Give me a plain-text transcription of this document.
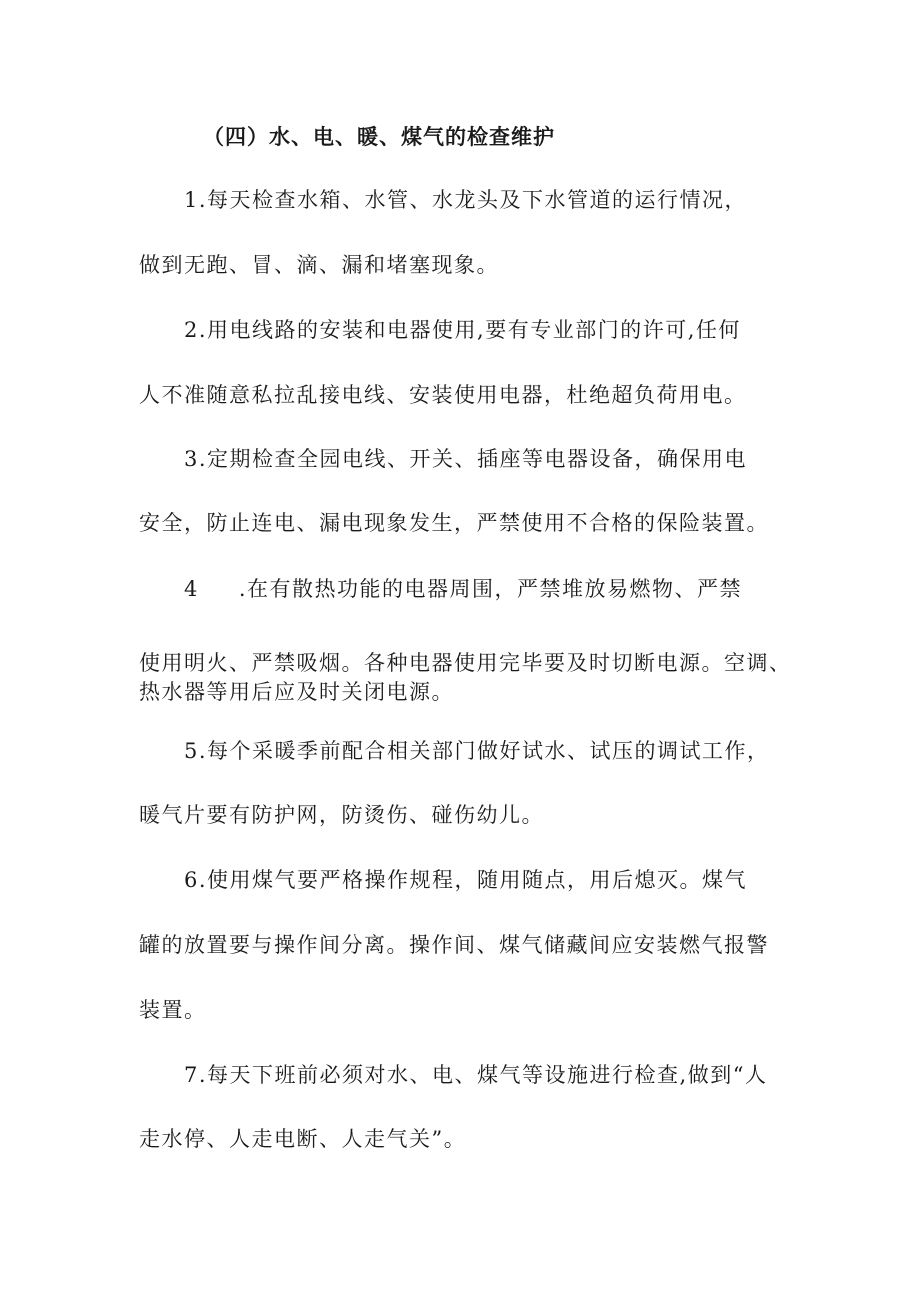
（四）水、电、暖、煤气的检查维护
1.每天检查水箱、水管、水龙头及下水管道的运行情况，
做到无跑、冒、滴、漏和堵塞现象。
2.用电线路的安装和电器使用,要有专业部门的许可,任何
人不准随意私拉乱接电线、安装使用电器，杜绝超负荷用电。
3.定期检查全园电线、开关、插座等电器设备，确保用电
安全，防止连电、漏电现象发生，严禁使用不合格的保险装置。
4 .在有散热功能的电器周围，严禁堆放易燃物、严禁
使用明火、严禁吸烟。各种电器使用完毕要及时切断电源。空调、
热水器等用后应及时关闭电源。
5.每个采暖季前配合相关部门做好试水、试压的调试工作，
暖气片要有防护网，防烫伤、碰伤幼儿。
6.使用煤气要严格操作规程，随用随点，用后熄灭。煤气
罐的放置要与操作间分离。操作间、煤气储藏间应安装燃气报警
装置。
7.每天下班前必须对水、电、煤气等设施进行检查,做到“人
走水停、人走电断、人走气关”。
